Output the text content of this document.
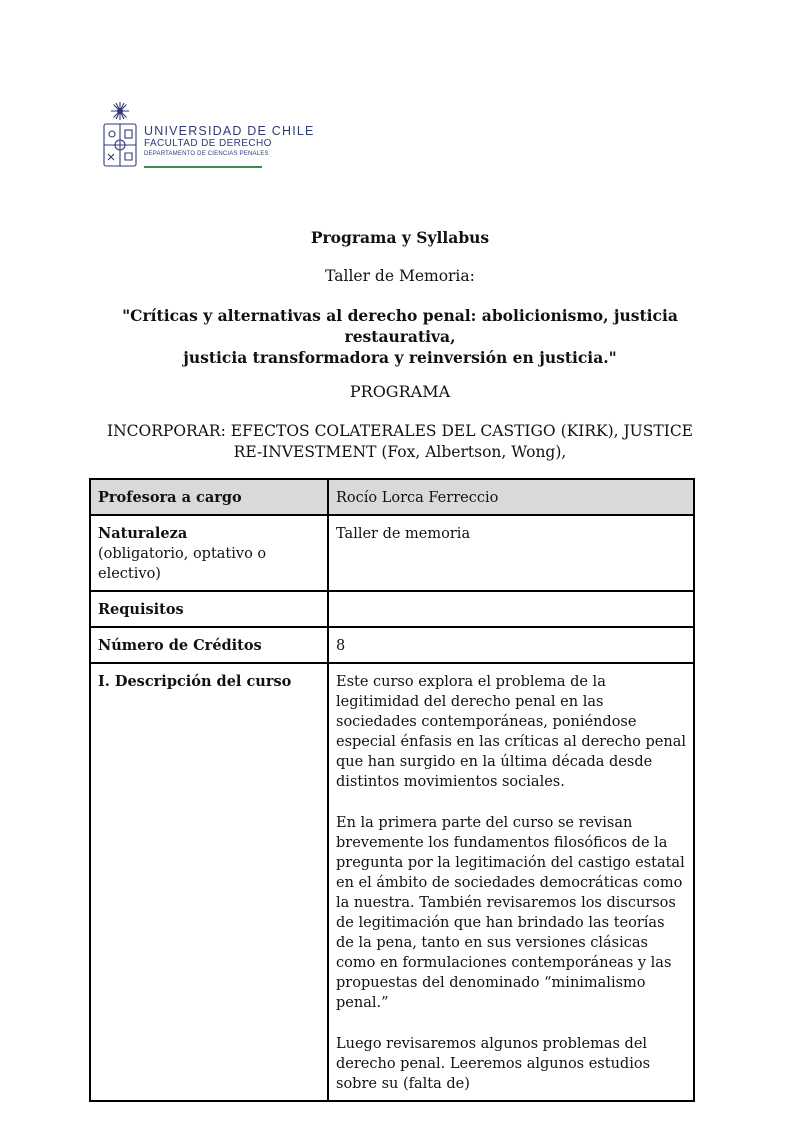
UNIVERSIDAD DE CHILE
FACULTAD DE DERECHO
DEPARTAMENTO DE CIENCIAS PENALES
Programa y Syllabus
Taller de Memoria:
"Críticas y alternativas al derecho penal: abolicionismo, justicia restaurativa,
justicia transformadora y reinversión en justicia."
PROGRAMA
INCORPORAR: EFECTOS COLATERALES DEL CASTIGO (KIRK), JUSTICE
RE-INVESTMENT (Fox, Albertson, Wong),
Profesora a cargo	Rocío Lorca Ferreccio
Naturaleza
(obligatorio, optativo o electivo)	Taller de memoria
Requisitos	
Número de Créditos	8
I. Descripción del curso	Este curso explora el problema de la legitimidad del derecho penal en las sociedades contemporáneas, poniéndose especial énfasis en las críticas al derecho penal que han surgido en la última década desde distintos movimientos sociales.

En la primera parte del curso se revisan brevemente los fundamentos filosóficos de la pregunta por la legitimación del castigo estatal en el ámbito de sociedades democráticas como la nuestra. También revisaremos los discursos de legitimación que han brindado las teorías de la pena, tanto en sus versiones clásicas como en formulaciones contemporáneas y las propuestas del denominado “minimalismo penal.”

Luego revisaremos algunos problemas del derecho penal. Leeremos algunos estudios sobre su (falta de)
